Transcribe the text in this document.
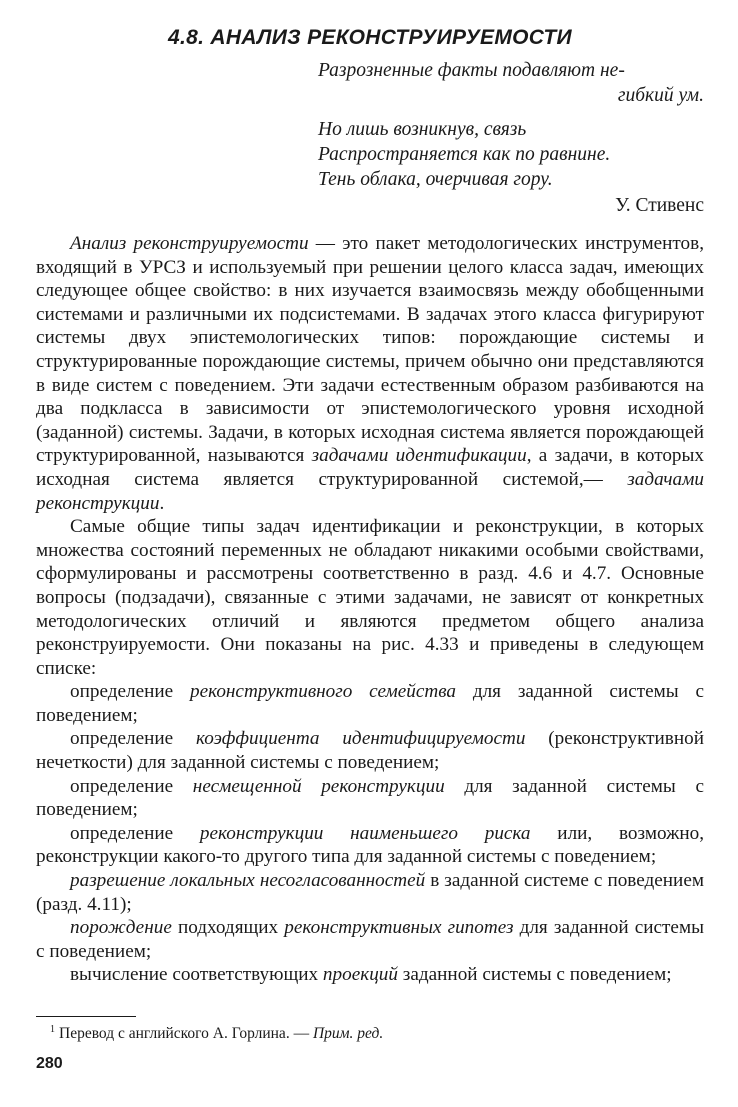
4.8. АНАЛИЗ РЕКОНСТРУИРУЕМОСТИ
Разрозненные факты подавляют не-
гибкий ум.
Но лишь возникнув, связь
Распространяется как по равнине.
Тень облака, очерчивая гору.
У. Стивенс

Анализ реконструируемости — это пакет методологических инструментов, входящий в УРСЗ и используемый при решении целого класса задач, имеющих следующее общее свойство: в них изучается взаимосвязь между обобщенными системами и различными их подсистемами. В задачах этого класса фигурируют системы двух эпистемологических типов: порождающие системы и структурированные порождающие системы, причем обычно они представляются в виде систем с поведением. Эти задачи естественным образом разбиваются на два подкласса в зависимости от эпистемологического уровня исходной (заданной) системы. Задачи, в которых исходная система является порождающей структурированной, называются задачами идентификации, а задачи, в которых исходная система является структурированной системой,— задачами реконструкции.

Самые общие типы задач идентификации и реконструкции, в которых множества состояний переменных не обладают никакими особыми свойствами, сформулированы и рассмотрены соответственно в разд. 4.6 и 4.7. Основные вопросы (подзадачи), связанные с этими задачами, не зависят от конкретных методологических отличий и являются предметом общего анализа реконструируемости. Они показаны на рис. 4.33 и приведены в следующем списке:

определение реконструктивного семейства для заданной системы с поведением;
определение коэффициента идентифицируемости (реконструктивной нечеткости) для заданной системы с поведением;
определение несмещенной реконструкции для заданной системы с поведением;
определение реконструкции наименьшего риска или, возможно, реконструкции какого-то другого типа для заданной системы с поведением;
разрешение локальных несогласованностей в заданной системе с поведением (разд. 4.11);
порождение подходящих реконструктивных гипотез для заданной системы с поведением;
вычисление соответствующих проекций заданной системы с поведением;
$^1$ Перевод с английского А. Горлина. — Прим. ред.
280
